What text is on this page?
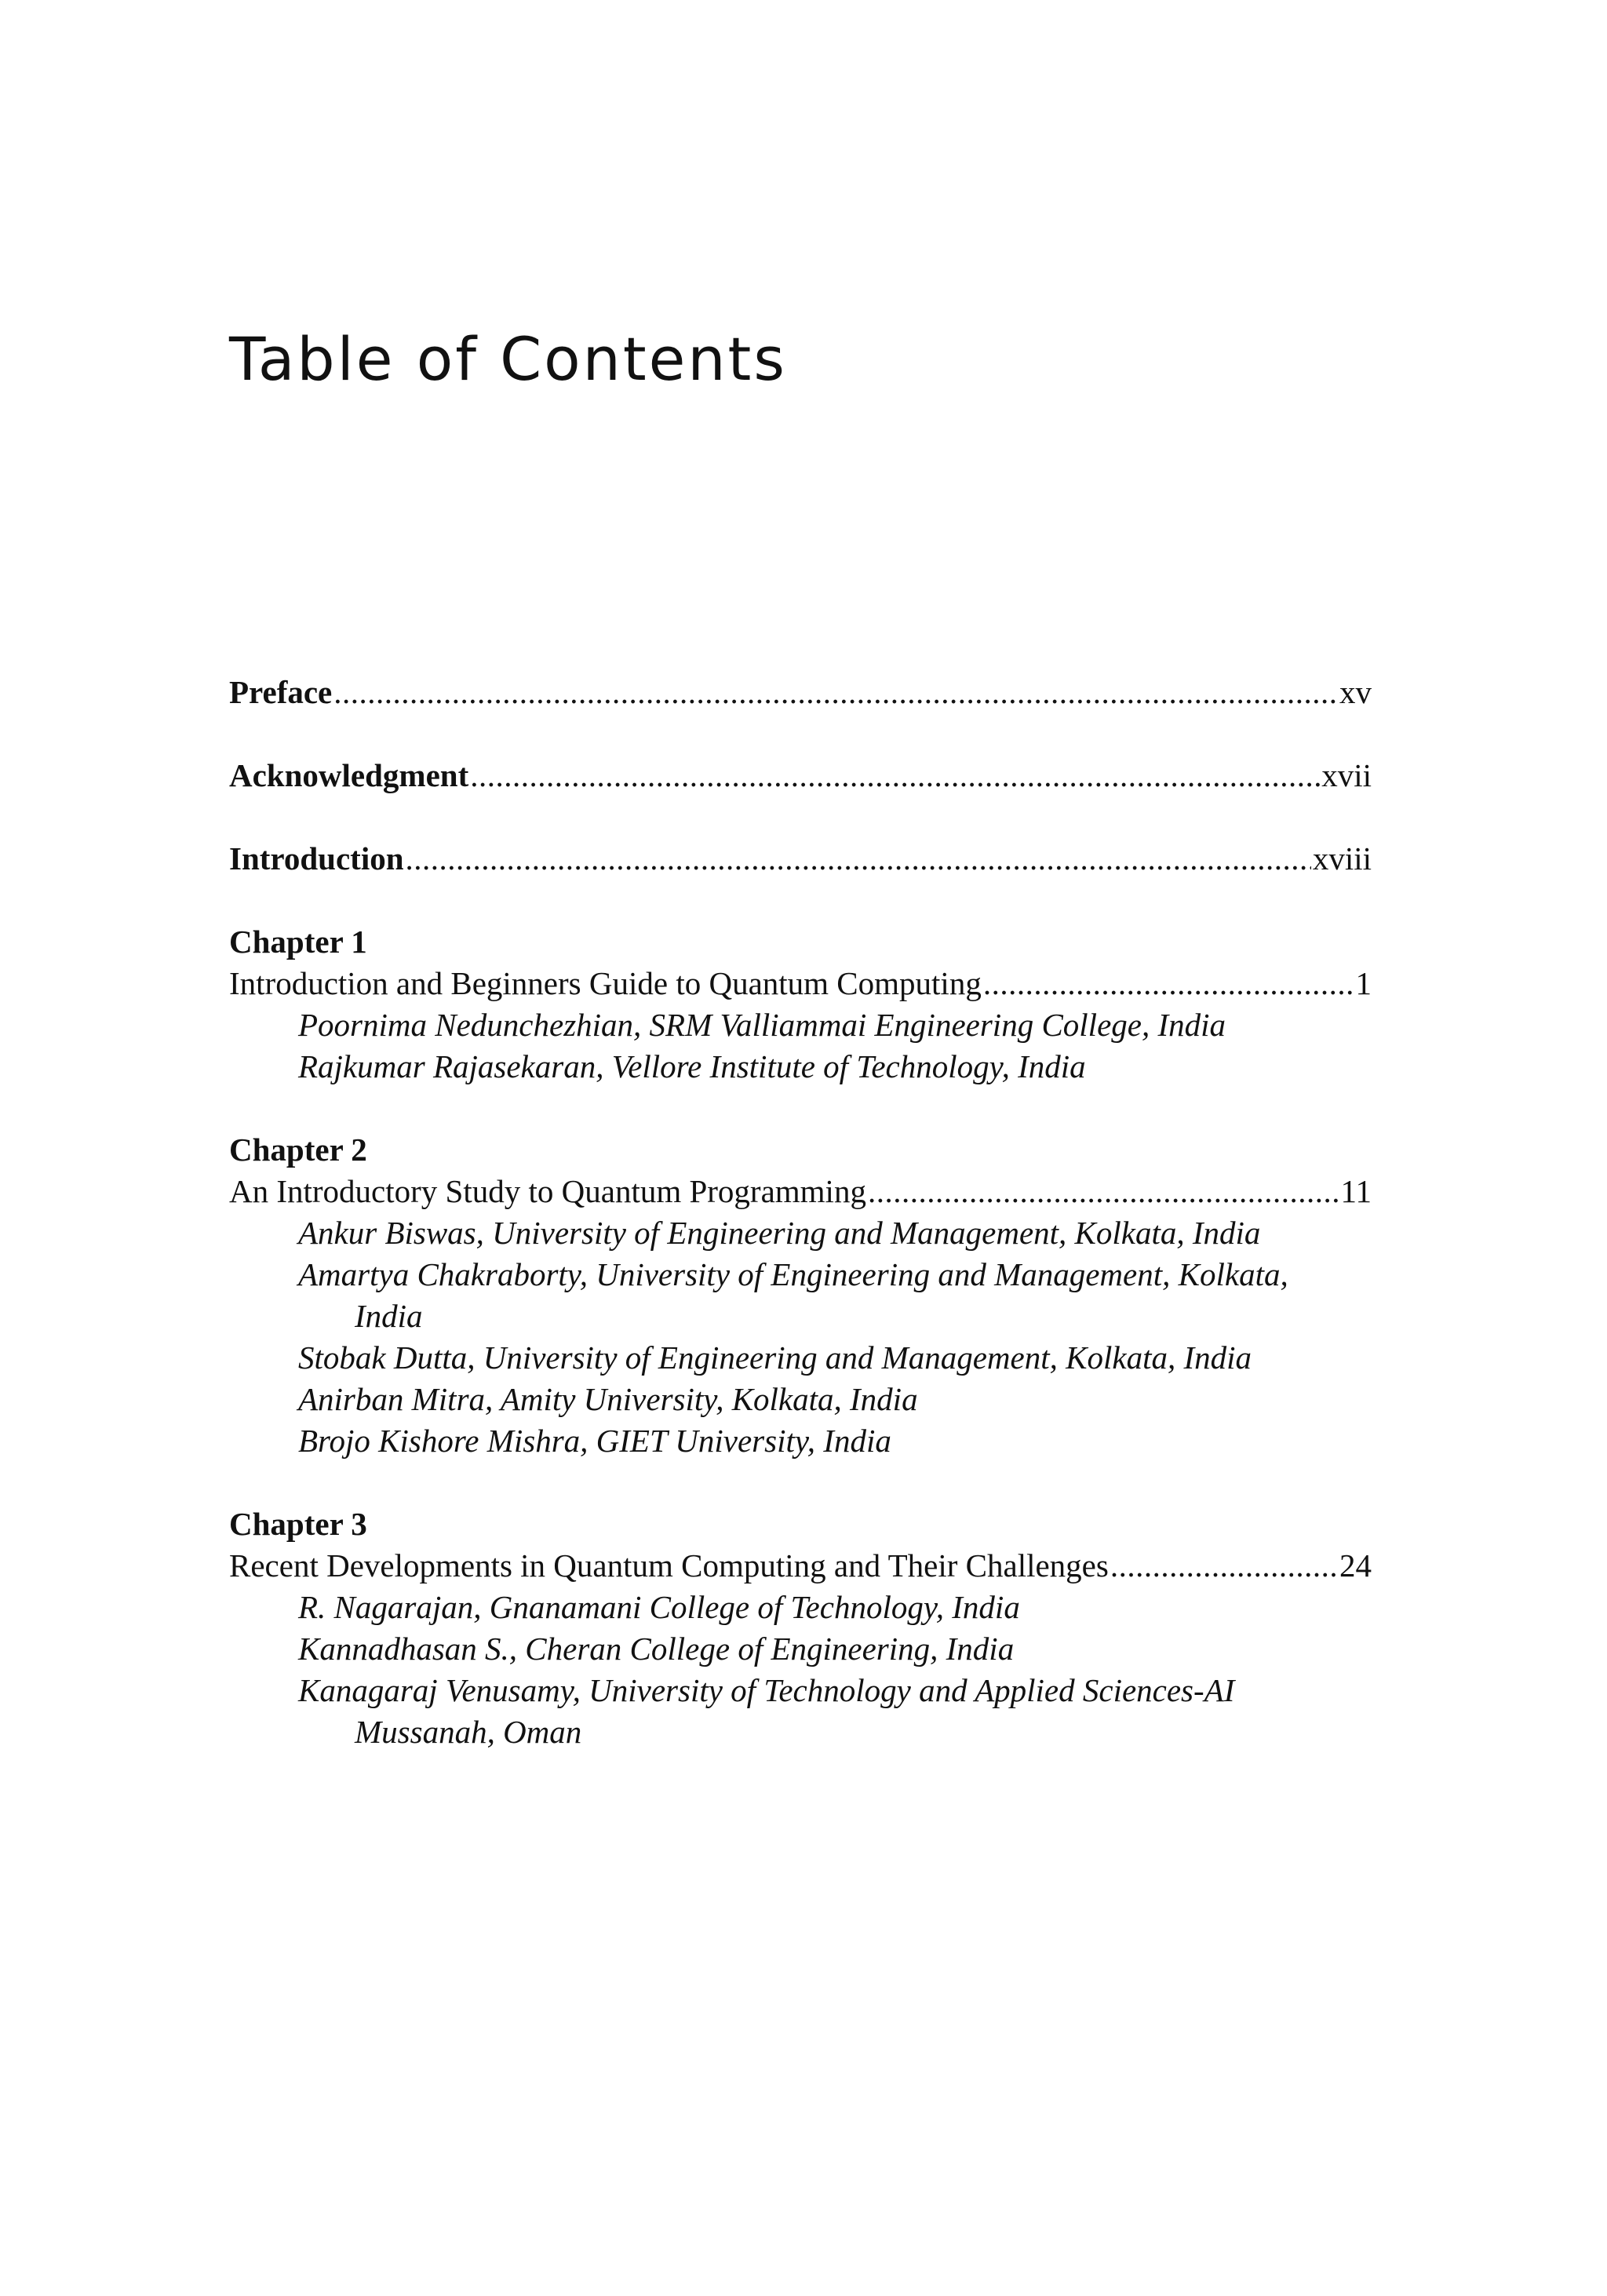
Table of Contents
Preface .....	xv
Acknowledgment .....	xvii
Introduction .....	xviii
Chapter 1
Introduction and Beginners Guide to Quantum Computing .....	1
Poornima Nedunchezhian, SRM Valliammai Engineering College, India
Rajkumar Rajasekaran, Vellore Institute of Technology, India
Chapter 2
An Introductory Study to Quantum Programming .....	11
Ankur Biswas, University of Engineering and Management, Kolkata, India
Amartya Chakraborty, University of Engineering and Management, Kolkata, India
Stobak Dutta, University of Engineering and Management, Kolkata, India
Anirban Mitra, Amity University, Kolkata, India
Brojo Kishore Mishra, GIET University, India
Chapter 3
Recent Developments in Quantum Computing and Their Challenges .....	24
R. Nagarajan, Gnanamani College of Technology, India
Kannadhasan S., Cheran College of Engineering, India
Kanagaraj Venusamy, University of Technology and Applied Sciences-AI Mussanah, Oman
